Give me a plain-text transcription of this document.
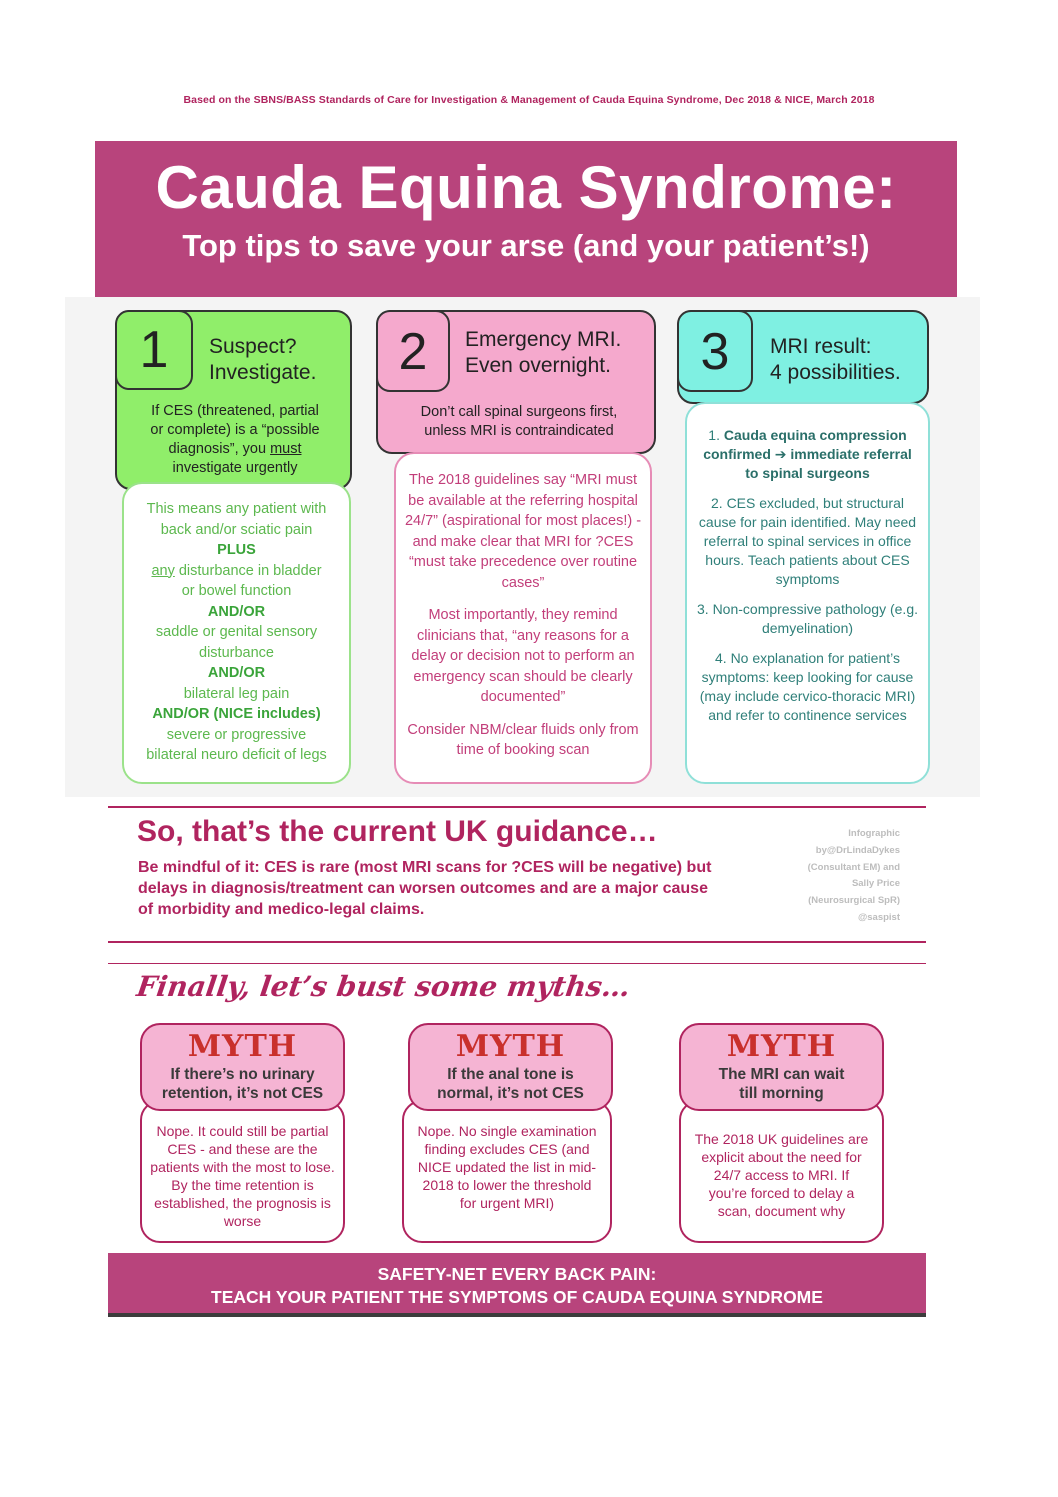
Based on the SBNS/BASS Standards of Care for Investigation & Management of Cauda Equina Syndrome, Dec 2018 & NICE, March 2018
Cauda Equina Syndrome:
Top tips to save your arse (and your patient’s!)
1	Suspect?
Investigate.
If CES (threatened, partial
or complete) is a “possible
diagnosis”, you must
investigate urgently
This means any patient with
back and/or sciatic pain
PLUS
any disturbance in bladder
or bowel function
AND/OR
saddle or genital sensory
disturbance
AND/OR
bilateral leg pain
AND/OR (NICE includes)
severe or progressive
bilateral neuro deficit of legs
2	Emergency MRI.
Even overnight.
Don’t call spinal surgeons first,
unless MRI is contraindicated

The 2018 guidelines say “MRI must be available at the referring hospital 24/7” (aspirational for most places!) - and make clear that MRI for ?CES “must take precedence over routine cases”

Most importantly, they remind clinicians that, “any reasons for a delay or decision not to perform an emergency scan should be clearly documented”

Consider NBM/clear fluids only from time of booking scan

3	MRI result:
4 possibilities.

1. Cauda equina compression confirmed ➔ immediate referral to spinal surgeons

2. CES excluded, but structural cause for pain identified. May need referral to spinal services in office hours. Teach patients about CES symptoms

3. Non-compressive pathology (e.g. demyelination)

4. No explanation for patient’s symptoms: keep looking for cause (may include cervico-thoracic MRI) and refer to continence services

So, that’s the current UK guidance…
Be mindful of it: CES is rare (most MRI scans for ?CES will be negative) but delays in diagnosis/treatment can worsen outcomes and are a major cause of morbidity and medico-legal claims.
Infographic
by@DrLindaDykes
(Consultant EM) and
Sally Price
(Neurosurgical SpR)
@saspist
Finally, let’s bust some myths…
MYTH
If there’s no urinary retention, it’s not CES
Nope. It could still be partial CES - and these are the patients with the most to lose. By the time retention is established, the prognosis is worse
MYTH
If the anal tone is normal, it’s not CES
Nope. No single examination finding excludes CES (and NICE updated the list in mid-2018 to lower the threshold for urgent MRI)
MYTH
The MRI can wait till morning
The 2018 UK guidelines are explicit about the need for 24/7 access to MRI. If you’re forced to delay a scan, document why
SAFETY-NET EVERY BACK PAIN:
TEACH YOUR PATIENT THE SYMPTOMS OF CAUDA EQUINA SYNDROME
